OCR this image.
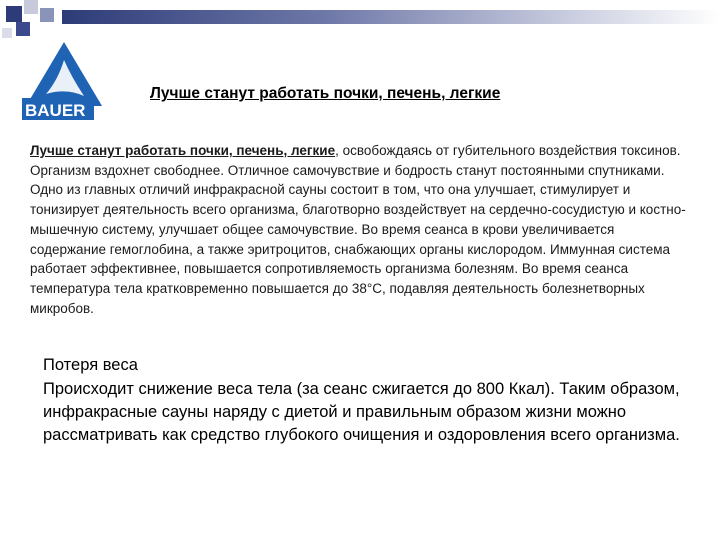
BAUER ®
Лучше станут работать почки, печень, легкие
Лучше станут работать почки, печень, легкие, освобождаясь от губительного воздействия токсинов. Организм вздохнет свободнее. Отличное самочувствие и бодрость станут постоянными спутниками. Одно из главных отличий инфракрасной сауны состоит в том, что она улучшает, стимулирует и тонизирует деятельность всего организма, благотворно воздействует на сердечно-сосудистую и костно-мышечную систему, улучшает общее самочувствие. Во время сеанса в крови увеличивается содержание гемоглобина, а также эритроцитов, снабжающих органы кислородом. Иммунная система работает эффективнее, повышается сопротивляемость организма болезням. Во время сеанса температура тела кратковременно повышается до 38°С, подавляя деятельность болезнетворных микробов.
Потеря веса
Происходит снижение веса тела (за сеанс сжигается до 800 Ккал). Таким образом, инфракрасные сауны наряду с диетой и правильным образом жизни можно рассматривать как средство глубокого очищения и оздоровления всего организма.
